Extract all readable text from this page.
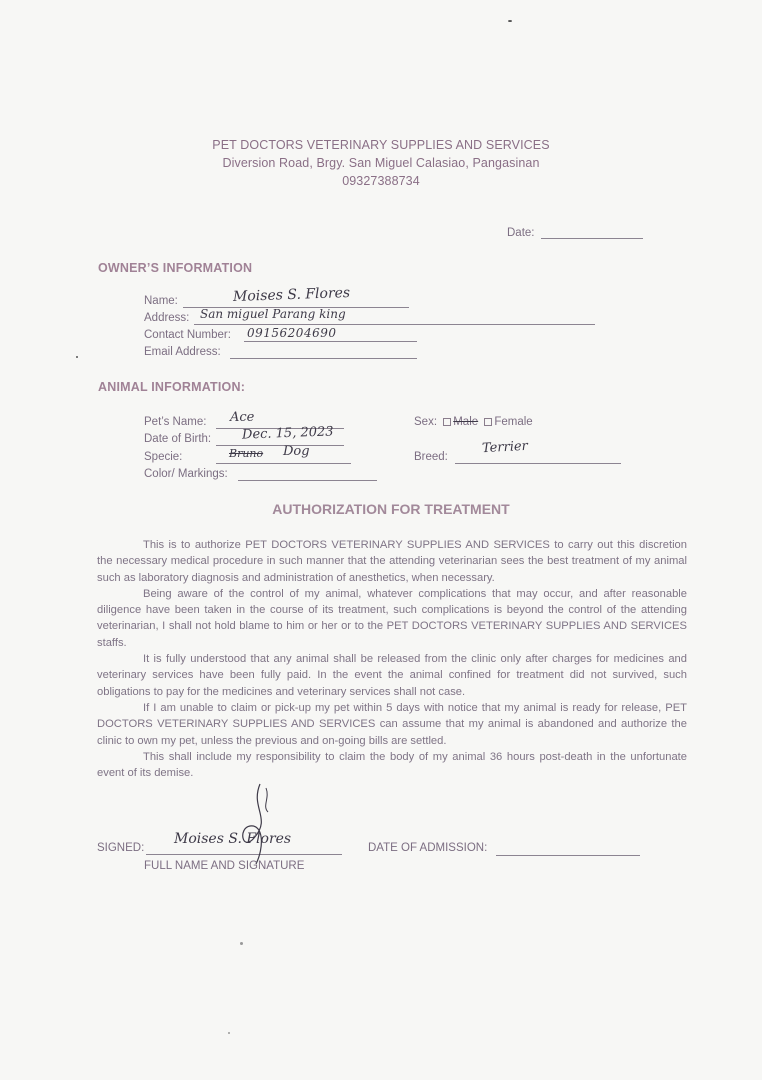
PET DOCTORS VETERINARY SUPPLIES AND SERVICES
Diversion Road, Brgy. San Miguel Calasiao, Pangasinan
09327388734
Date:
OWNER’S INFORMATION
Name:	Moises S. Flores
Address: San miguel Parang king
Contact Number: 09156204690
Email Address:
ANIMAL INFORMATION:
Pet’s Name: Ace
Date of Birth: Dec. 15, 2023
Specie:	Bruno Dog
Color/ Markings:
Sex: Male Female
Breed:
Terrier
AUTHORIZATION FOR TREATMENT

This is to authorize PET DOCTORS VETERINARY SUPPLIES AND SERVICES to carry out this discretion the necessary medical procedure in such manner that the attending veterinarian sees the best treatment of my animal such as laboratory diagnosis and administration of anesthetics, when necessary.

Being aware of the control of my animal, whatever complications that may occur, and after reasonable diligence have been taken in the course of its treatment, such complications is beyond the control of the attending veterinarian, I shall not hold blame to him or her or to the PET DOCTORS VETERINARY SUPPLIES AND SERVICES staffs.

It is fully understood that any animal shall be released from the clinic only after charges for medicines and veterinary services have been fully paid. In the event the animal confined for treatment did not survived, such obligations to pay for the medicines and veterinary services shall not case.

If I am unable to claim or pick-up my pet within 5 days with notice that my animal is ready for release, PET DOCTORS VETERINARY SUPPLIES AND SERVICES can assume that my animal is abandoned and authorize the clinic to own my pet, unless the previous and on-going bills are settled.

This shall include my responsibility to claim the body of my animal 36 hours post-death in the unfortunate event of its demise.

SIGNED:
Moises S. Flores
FULL NAME AND SIGNATURE
DATE OF ADMISSION:
